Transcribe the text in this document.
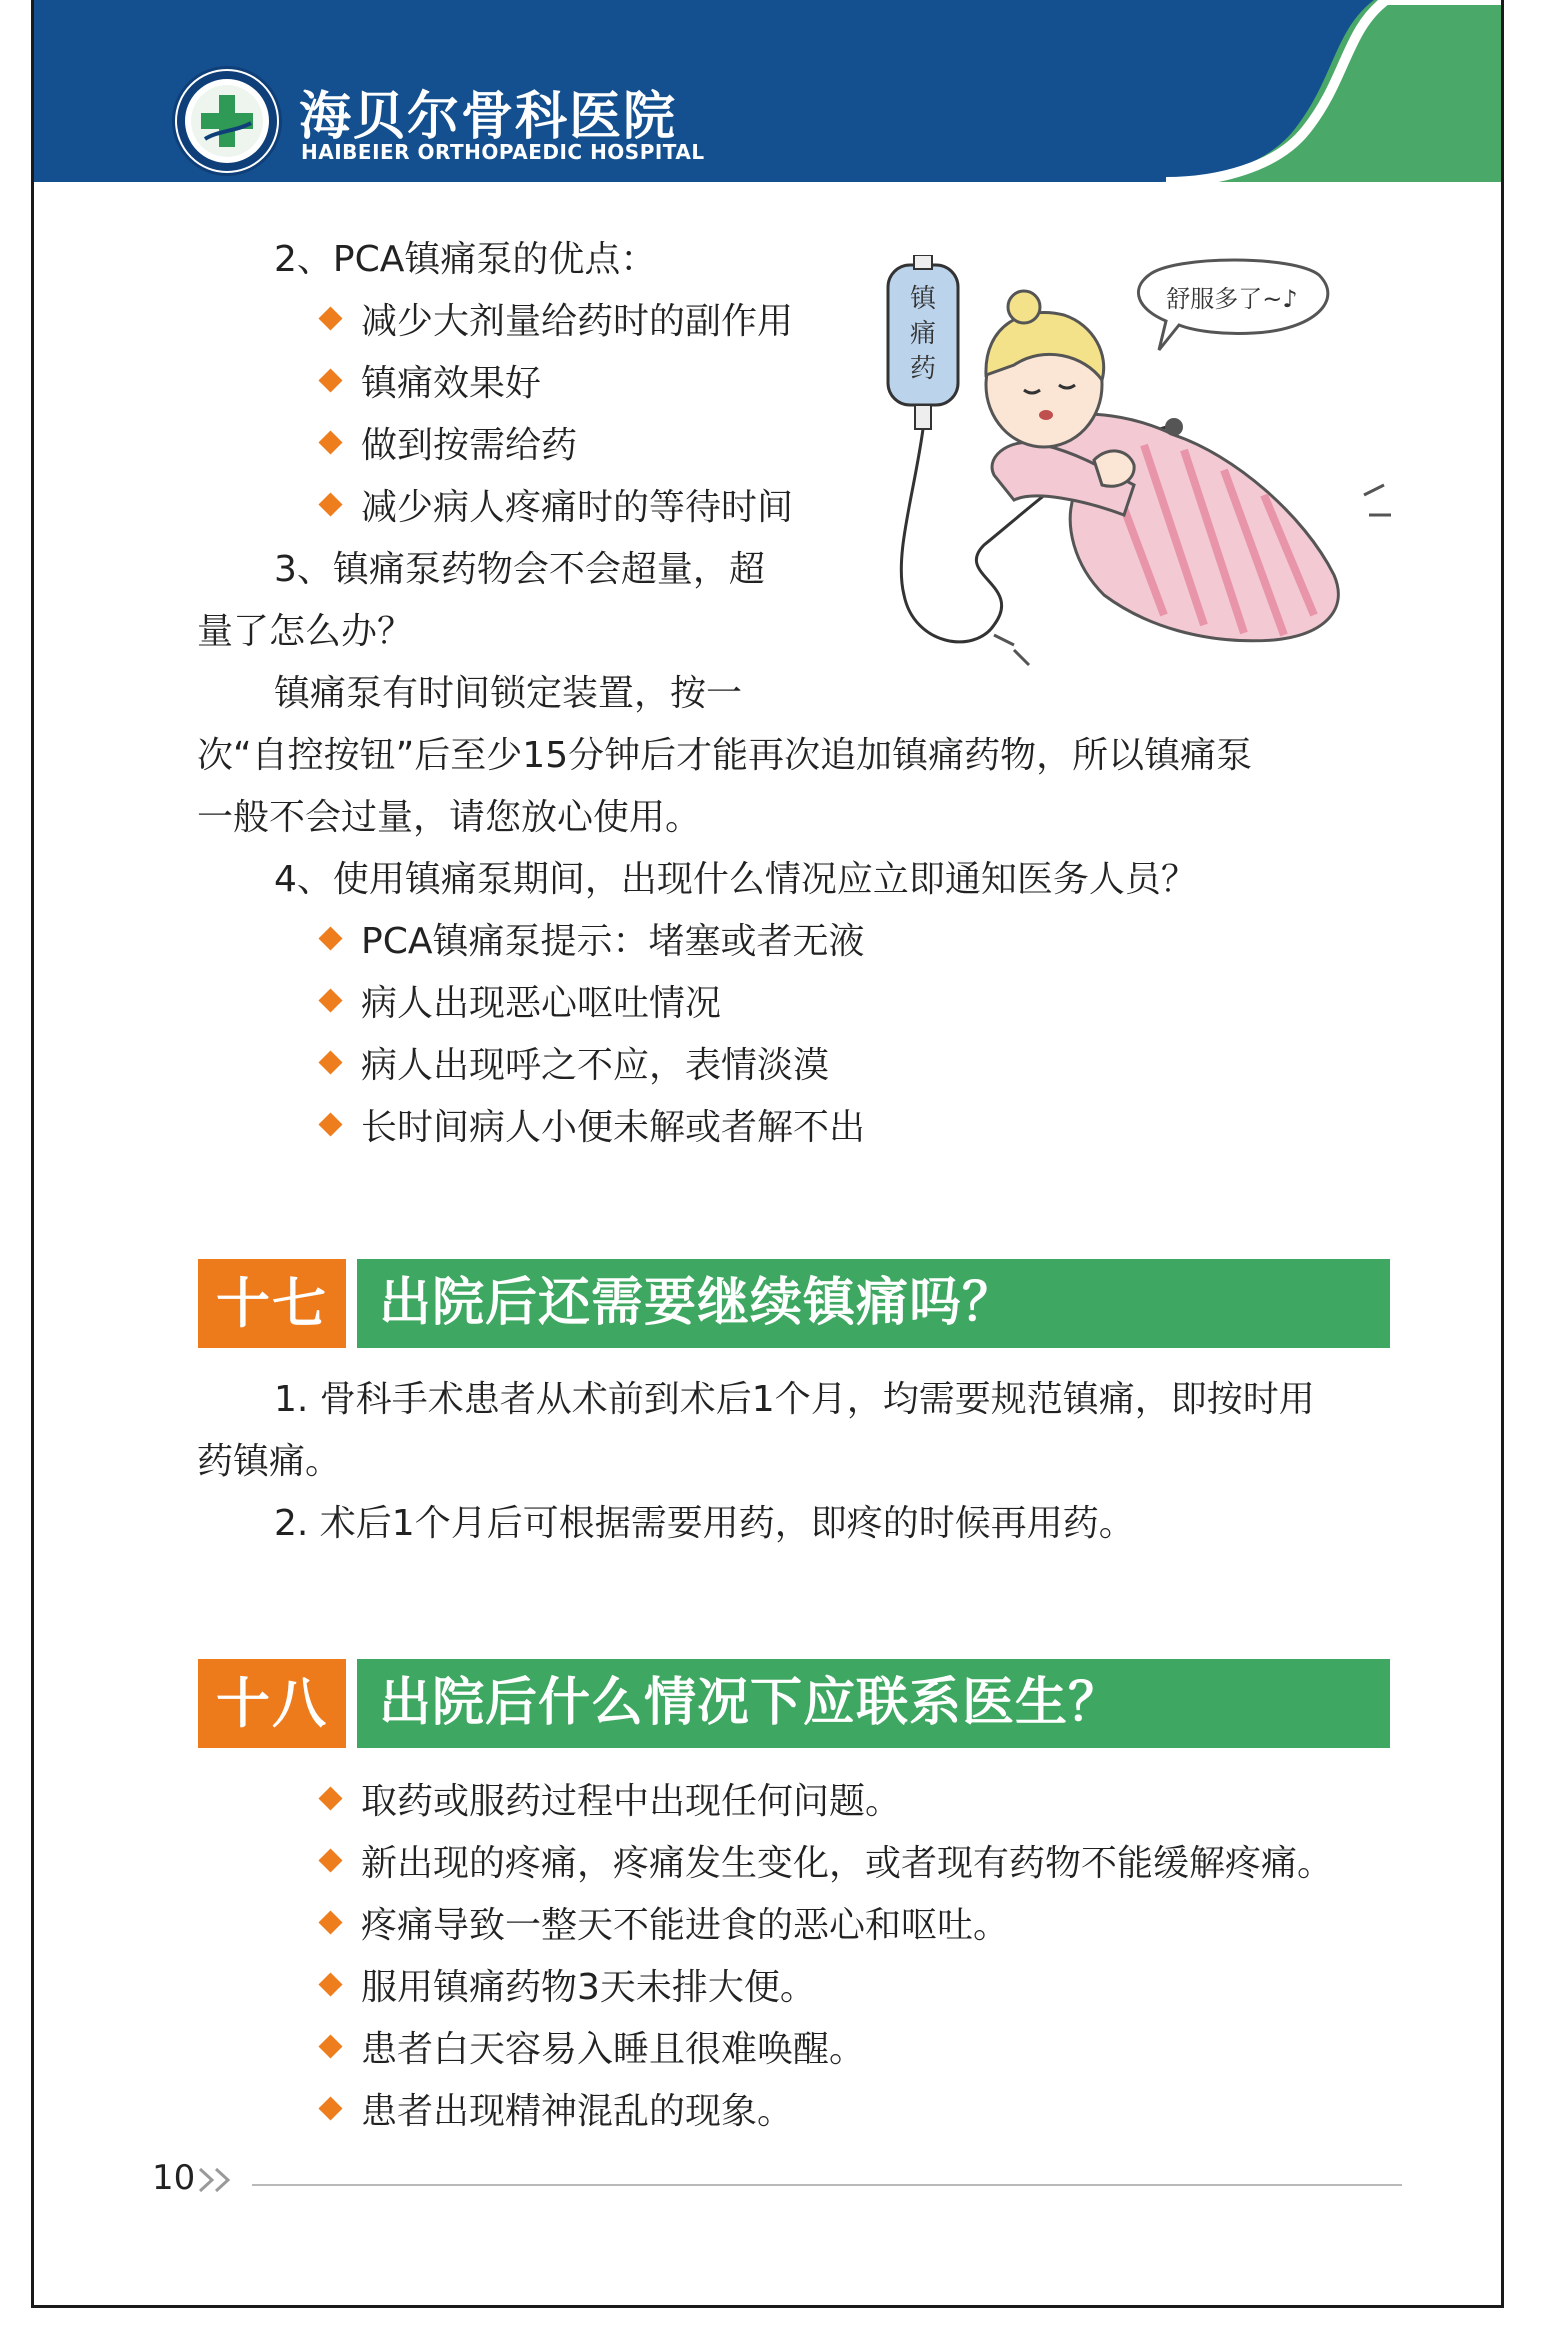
海贝尔骨科医院
HAIBEIER ORTHOPAEDIC HOSPITAL
2、PCA镇痛泵的优点：
减少大剂量给药时的副作用
镇痛效果好
做到按需给药
减少病人疼痛时的等待时间
3、镇痛泵药物会不会超量，超
量了怎么办？
镇痛泵有时间锁定装置，按一
次“自控按钮”后至少15分钟后才能再次追加镇痛药物，所以镇痛泵
一般不会过量，请您放心使用。
4、使用镇痛泵期间，出现什么情况应立即通知医务人员？
PCA镇痛泵提示：堵塞或者无液
病人出现恶心呕吐情况
病人出现呼之不应，表情淡漠
长时间病人小便未解或者解不出
镇
痛
药
舒服多了~♪
十七 出院后还需要继续镇痛吗？
1. 骨科手术患者从术前到术后1个月，均需要规范镇痛，即按时用
药镇痛。
2. 术后1个月后可根据需要用药，即疼的时候再用药。
十八 出院后什么情况下应联系医生？
取药或服药过程中出现任何问题。
新出现的疼痛，疼痛发生变化，或者现有药物不能缓解疼痛。
疼痛导致一整天不能进食的恶心和呕吐。
服用镇痛药物3天未排大便。
患者白天容易入睡且很难唤醒。
患者出现精神混乱的现象。
10
